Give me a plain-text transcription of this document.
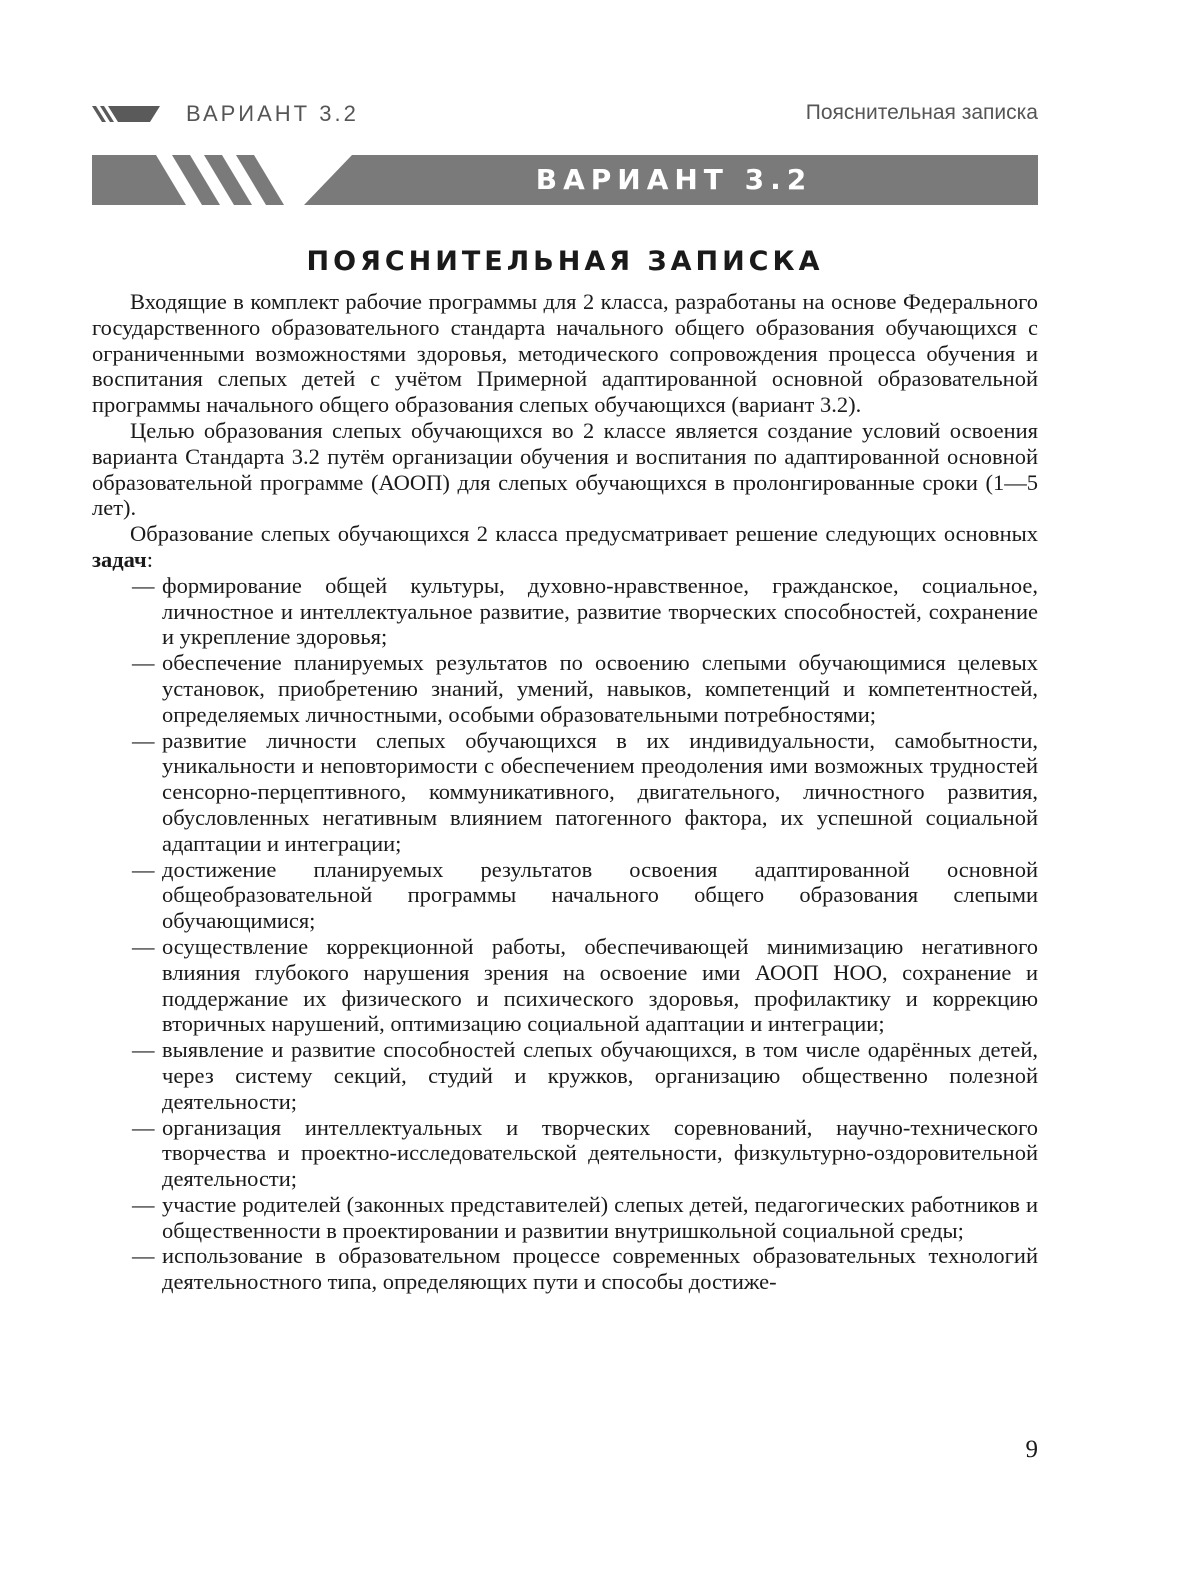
ВАРИАНТ 3.2	Пояснительная записка
ВАРИАНТ 3.2
ПОЯСНИТЕЛЬНАЯ ЗАПИСКА

Входящие в комплект рабочие программы для 2 класса, разработаны на основе Федерального государственного образовательного стандарта начального общего образования обучающихся с ограниченными возможностями здоровья, методического сопровождения процесса обучения и воспитания слепых детей с учётом Примерной адаптированной основной образовательной программы начального общего образования слепых обучающихся (вариант 3.2).

Целью образования слепых обучающихся во 2 классе является создание условий освоения варианта Стандарта 3.2 путём организации обучения и воспитания по адаптированной основной образовательной программе (АООП) для слепых обучающихся в пролонгированные сроки (1—5 лет).

Образование слепых обучающихся 2 класса предусматривает решение следующих основных задач:

— формирование общей культуры, духовно-нравственное, гражданское, социальное, личностное и интеллектуальное развитие, развитие творческих способностей, сохранение и укрепление здоровья;
— обеспечение планируемых результатов по освоению слепыми обучающимися целевых установок, приобретению знаний, умений, навыков, компетенций и компетентностей, определяемых личностными, особыми образовательными потребностями;
— развитие личности слепых обучающихся в их индивидуальности, самобытности, уникальности и неповторимости с обеспечением преодоления ими возможных трудностей сенсорно-перцептивного, коммуникативного, двигательного, личностного развития, обусловленных негативным влиянием патогенного фактора, их успешной социальной адаптации и интеграции;
— достижение планируемых результатов освоения адаптированной основной общеобразовательной программы начального общего образования слепыми обучающимися;
— осуществление коррекционной работы, обеспечивающей минимизацию негативного влияния глубокого нарушения зрения на освоение ими АООП НОО, сохранение и поддержание их физического и психического здоровья, профилактику и коррекцию вторичных нарушений, оптимизацию социальной адаптации и интеграции;
— выявление и развитие способностей слепых обучающихся, в том числе одарённых детей, через систему секций, студий и кружков, организацию общественно полезной деятельности;
— организация интеллектуальных и творческих соревнований, научно-технического творчества и проектно-исследовательской деятельности, физкультурно-оздоровительной деятельности;
— участие родителей (законных представителей) слепых детей, педагогических работников и общественности в проектировании и развитии внутришкольной социальной среды;
— использование в образовательном процессе современных образовательных технологий деятельностного типа, определяющих пути и способы достиже-
9
